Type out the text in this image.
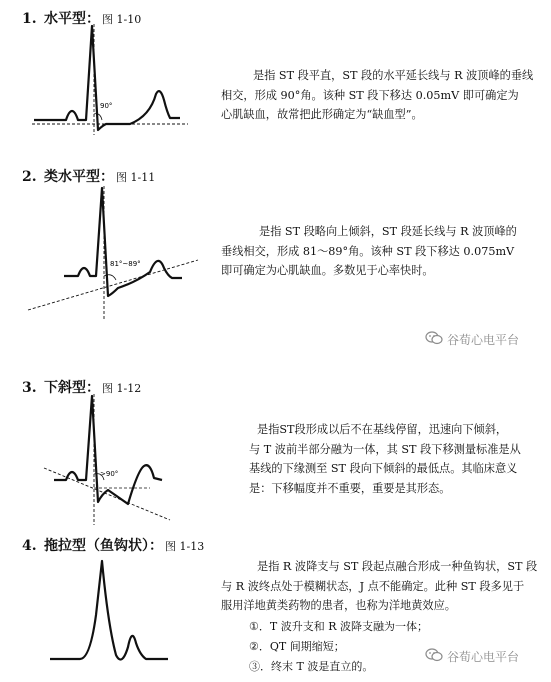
1. 水平型： 图 1-10
90°

是指 ST 段平直，ST 段的水平延长线与 R 波顶峰的垂线

相交，形成 90°角。该种 ST 段下移达 0.05mV 即可确定为

心肌缺血，故常把此形确定为“缺血型”。

2. 类水平型： 图 1-11
81°~89°

是指 ST 段略向上倾斜，ST 段延长线与 R 波顶峰的

垂线相交，形成 81～89°角。该种 ST 段下移达 0.075mV

即可确定为心肌缺血。多数见于心率快时。

谷荀心电平台
3. 下斜型： 图 1-12
>90°

是指ST段形成以后不在基线停留，迅速向下倾斜，

与 T 波前半部分融为一体，其 ST 段下移测量标准是从

基线的下缘测至 ST 段向下倾斜的最低点。其临床意义

是：下移幅度并不重要，重要是其形态。

4. 拖拉型（鱼钩状）： 图 1-13

是指 R 波降支与 ST 段起点融合形成一种鱼钩状，ST 段

与 R 波终点处于模糊状态，J 点不能确定。此种 ST 段多见于

服用洋地黄类药物的患者，也称为洋地黄效应。

①．T 波升支和 R 波降支融为一体；
②．QT 间期缩短；
③．终末 T 波是直立的。
谷荀心电平台
